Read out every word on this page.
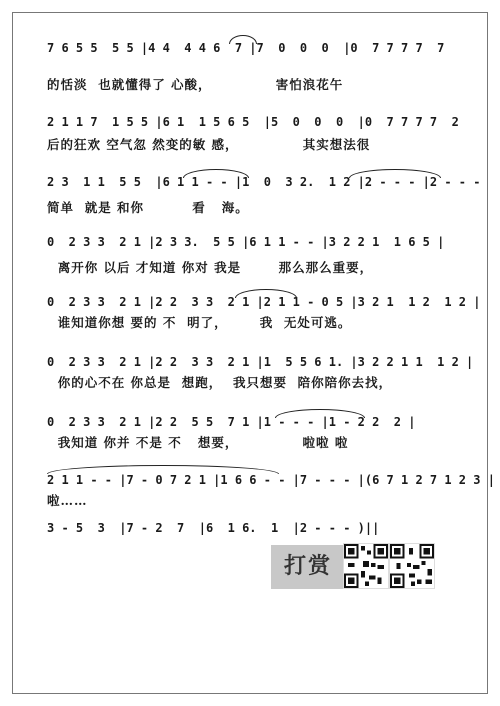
7 6 5 5  5 5 |4 4  4 4 6  7 |7  0  0  0  |0  7 7 7 7  7
的恬淡  也就懂得了 心酸，            害怕浪花午
2 1 1 7  1 5 5 |6 1  1 5 6 5  |5  0  0  0  |0  7 7 7 7  2
后的狂欢 空气忽 然变的敏 感，            其实想法很
2 3  1 1  5 5  |6 1 1 - - |1  0  3 2.  1 2 |2 - - - |2 - - -
简单  就是 和你         看   海。
0  2 3 3  2 1 |2 3 3.  5 5 |6 1 1 - - |3 2 2 1  1 6 5 |
离开你 以后 才知道 你对 我是       那么那么重要，
0  2 3 3  2 1 |2 2  3 3  2 1 |2 1 1 - 0 5 |3 2 1  1 2  1 2 |
谁知道你想 要的 不  明了，      我  无处可逃。
0  2 3 3  2 1 |2 2  3 3  2 1 |1  5 5 6 1. |3 2 2 1 1  1 2 |
你的心不在 你总是  想跑，  我只想要  陪你陪你去找，
0  2 3 3  2 1 |2 2  5 5  7 1 |1 - - - |1 - 2 2  2 |
我知道 你并 不是 不   想要，            啦啦 啦
2 1 1 - - |7 - 0 7 2 1 |1 6 6 - - |7 - - - |(6 7 1 2 7 1 2 3 |
啦……
3 - 5  3  |7 - 2  7  |6  1 6.  1  |2 - - - )||
打赏
